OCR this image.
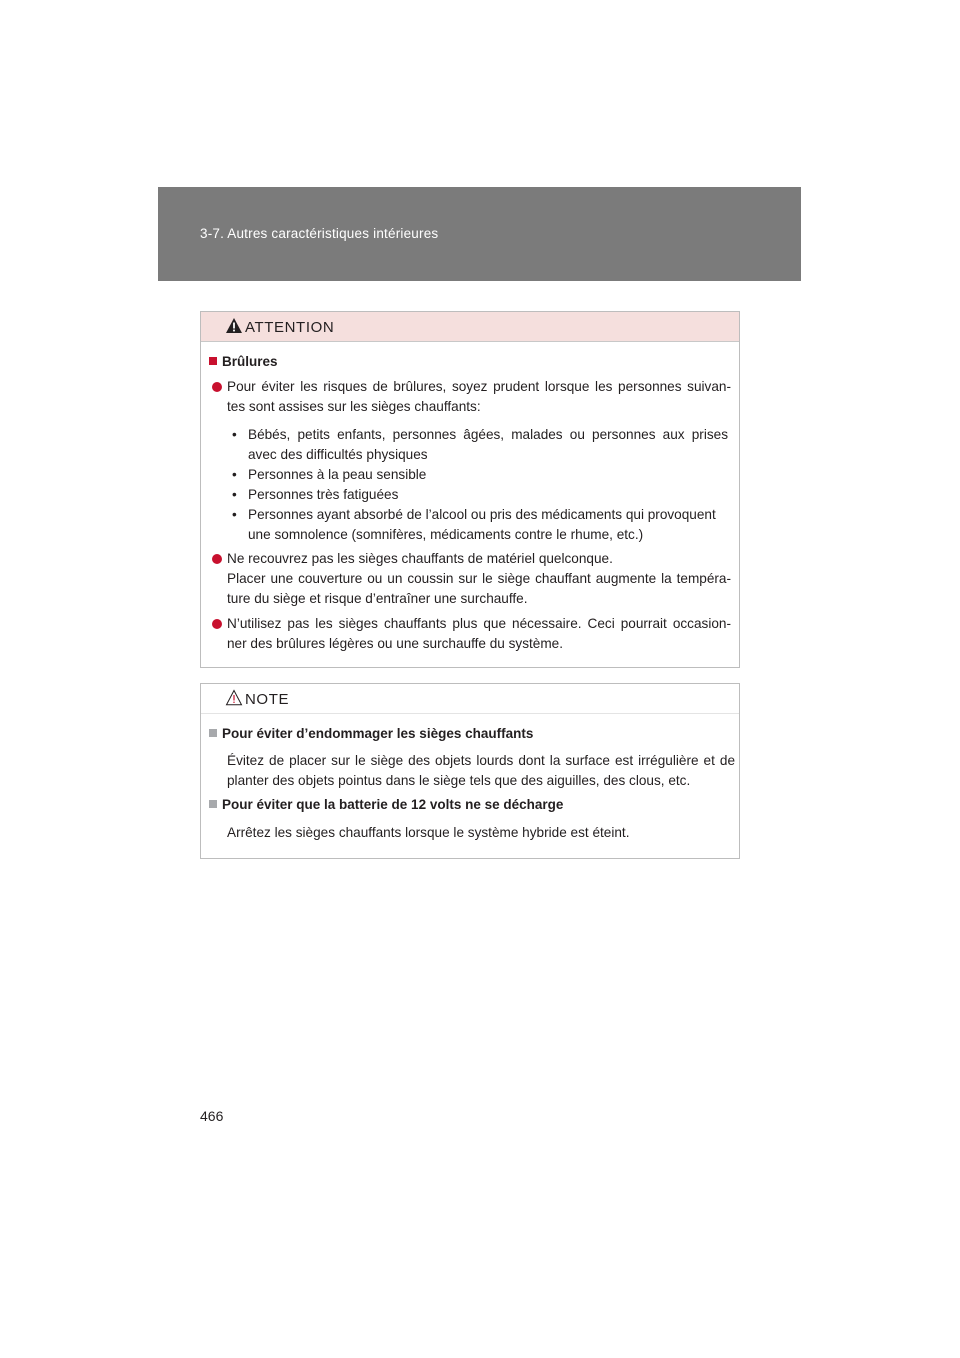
3-7. Autres caractéristiques intérieures
ATTENTION
Brûlures
Pour éviter les risques de brûlures, soyez prudent lorsque les personnes suivan-
tes sont assises sur les sièges chauffants:
• Bébés, petits enfants, personnes âgées, malades ou personnes aux prises
avec des difficultés physiques
• Personnes à la peau sensible
• Personnes très fatiguées
• Personnes ayant absorbé de l’alcool ou pris des médicaments qui provoquent
une somnolence (somnifères, médicaments contre le rhume, etc.)
Ne recouvrez pas les sièges chauffants de matériel quelconque.
Placer une couverture ou un coussin sur le siège chauffant augmente la tempéra-
ture du siège et risque d’entraîner une surchauffe.
N’utilisez pas les sièges chauffants plus que nécessaire. Ceci pourrait occasion-
ner des brûlures légères ou une surchauffe du système.
NOTE
Pour éviter d’endommager les sièges chauffants
Évitez de placer sur le siège des objets lourds dont la surface est irrégulière et de
planter des objets pointus dans le siège tels que des aiguilles, des clous, etc.
Pour éviter que la batterie de 12 volts ne se décharge
Arrêtez les sièges chauffants lorsque le système hybride est éteint.
466
